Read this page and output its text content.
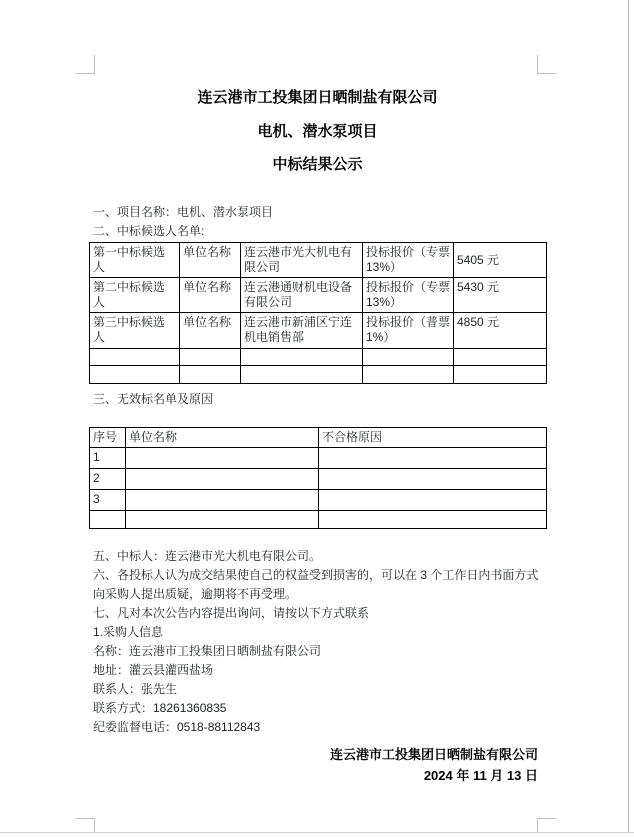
连云港市工投集团日晒制盐有限公司
电机、潜水泵项目
中标结果公示
一、项目名称：电机、潜水泵项目
二、中标候选人名单:
第一中标候选人	单位名称	连云港市光大机电有限公司	投标报价（专票13%）	5405 元
第二中标候选人	单位名称	连云港通财机电设备有限公司	投标报价（专票13%）	5430 元
第三中标候选人	单位名称	连云港市新浦区宁连机电销售部	投标报价（普票1%）	4850 元

三、无效标名单及原因
序号	单位名称	不合格原因
1		
2		
3		

五、中标人：连云港市光大机电有限公司。
六、各投标人认为成交结果使自己的权益受到损害的，可以在 3 个工作日内书面方式向采购人提出质疑，逾期将不再受理。
七、凡对本次公告内容提出询问，请按以下方式联系
1.采购人信息
名称：连云港市工投集团日晒制盐有限公司
地址：灌云县灌西盐场
联系人：张先生
联系方式：18261360835
纪委监督电话：0518-88112843
连云港市工投集团日晒制盐有限公司
2024 年 11 月 13 日
